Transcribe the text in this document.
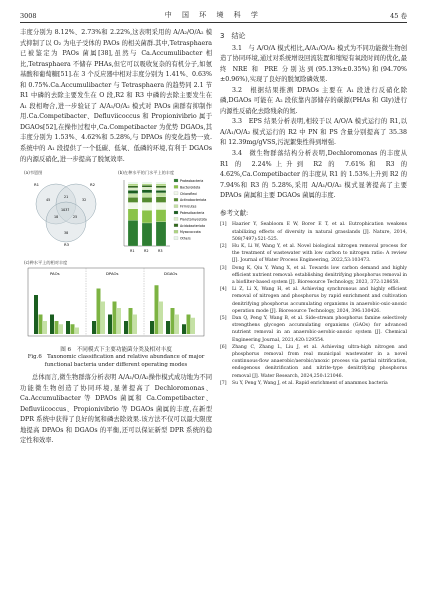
3008	中 国 环 境 科 学	45 卷

丰度分别为 8.12%、2.73%和 2.22%,这表明采用的 A/A₂/O/A₂ 模式抑制了以 O₂ 为电子受体的 PAOs 的相关菌群.其中,Tetrasphaera 已被鉴定为 PAOs 菌属[38],虽然与 Ca.Accumulibacter 相比,Tetrasphaera 不储存 PHAs,但它可以吸收复杂的有机分子,如氨基酸和葡萄糖[51].在 3 个反应器中相对丰度分别为 1.41%、0.63% 和 0.75%.Ca.Accumulibacter 与 Tetrasphaera 的趋势同 2.1 节 R1 中磷的去除主要发生在 O 段,R2 和 R3 中磷的去除主要发生在 A₁ 段相吻合,进一步验证了 A/A₁/O/A₂ 模式对 PAOs 菌群有抑制作用.Ca.Competibacter、Defluviicoccus 和 Propionivibrio 属于 DGAOs[52],在操作过程中,Ca.Competibacter 为优势 DGAOs,其丰度分别为 1.53%、4.62%和 5.28%,与 DPAOs 的变化趋势一致.系统中的 A₁ 段提供了一个低碳、低氧、低磷的环境,有利于 DGAOs 的内源反硝化,进一步提高了脱氮效率.

(a)韦恩图
R1	R2
R3
45	32
38
21
18	25
1037
(b)在种水平的门水平上的丰度
R1	R2	R3
Proteobacteria
Bacteroidota
Chloroflexi
Actinobacteriota
Firmicutes
Patescibacteria
Planctomycetota
Acidobacteriota
Myxococcota
Others
(c)种水平上的相对丰度
PAOs	DPAOs	DGAOs
图 6　不同模式下主要功能菌分类及相对丰度
Fig.6　Taxonomic classification and relative abundance of major functional bacteria under different operating modes

总体而言,微生物群落分析表明 A/A₁/O/A₂操作模式成功地为不同功能微生物创造了协同环境,显著提高了 Dechloromonas、Ca.Accumulibacter 等 DPAOs 菌属和 Ca.Competibacter、Defluviicoccus、Propionivibrio 等 DGAOs 菌属的丰度,在新型 DPR 系统中获得了良好的氮和磷去除效果.该方法不仅可以最大限度地提高 DPAOs 和 DGAOs 的平衡,还可以保证新型 DPR 系统的稳定性和效率.

3　结论

3.1　与 A/O/A 模式相比,A/A₁/O/A₂ 模式为不同功能微生物创造了协同环境,通过对系统增设回流装置和缩短有氧段时间的优化,最终 NRE 和 PRE 分别达到(95.13%±0.35%)和(94.70%±0.96%),实现了良好的脱氮除磷效果.

3.2　根据结果推测 DPAOs 主要在 A₁ 段进行反硝化除磷,DGAOs 可能在 A₂ 段依靠内部储存的碳源(PHAs 和 Gly)进行内源性反硝化去除残余的氮.

3.3　EPS 结果分析表明,相较于以 A/O/A 模式运行的 R1,以 A/A₁/O/A₂ 模式运行的 R2 中 PN 和 PS 含量分别提高了 35.38 和 12.39mg/gVSS,污泥絮集性得到增强.

3.4　微生物群落结构分析表明,Dechloromonas 的丰度从 R1 的 2.24%上升到 R2 的 7.61%和 R3 的 4.62%,Ca.Competibacter 的丰度从 R1 的 1.53%上升到 R2 的 7.94%和 R3 的 5.28%,采用 A/A₁/O/A₂ 模式显著提高了主要 DPAOs 菌属和主要 DGAOs 菌属的丰度.

参考文献:
[1]	Haarier Y, Seabloom E W, Borer E T, et al. Eutrophication weakens stabilizing effects of diversity in natural grasslands [J]. Nature, 2014, 508(7497):521-525.
[2]	Hu K, Li W, Wang Y, et al. Novel biological nitrogen removal process for the treatment of wastewater with low carbon to nitrogen ratio: A review [J]. Journal of Water Process Engineering, 2022,53:103473.
[3]	Dong K, Qiu Y, Wang X, et al. Towards low carbon demand and highly efficient nutrient removal: establishing denitrifying phosphorus removal in a biofilter-based system [J]. Bioresource Technology, 2023, 372:128658.
[4]	Li Z, Li X, Wang H, et al. Achieving synchronous and highly efficient removal of nitrogen and phosphorus by rapid enrichment and cultivation denitrifying phosphorus accumulating organisms in anaerobic-oxic-anoxic operation mode [J]. Bioresource Technology, 2024, 396:130426.
[5]	Dan Q, Peng Y, Wang B, et al. Side-stream phosphorus famine selectively strengthens glycogen accumulating organisms (GAOs) for advanced nutrient removal in an anaerobic-aerobic-anoxic system [J]. Chemical Engineering Journal, 2021,420:129554.
[6]	Zhang C, Zhang L, Liu J, et al. Achieving ultra-high nitrogen and phosphorus removal from real municipal wastewater in a novel continuous-flow anaerobic/aerobic/anoxic process via partial nitrification, endogenous denitrification and nitrite-type denitrifying phosphorus removal [J]. Water Research, 2024,250:121046.
[7]	Su Y, Peng Y, Wang J, et al. Rapid enrichment of anammox bacteria
